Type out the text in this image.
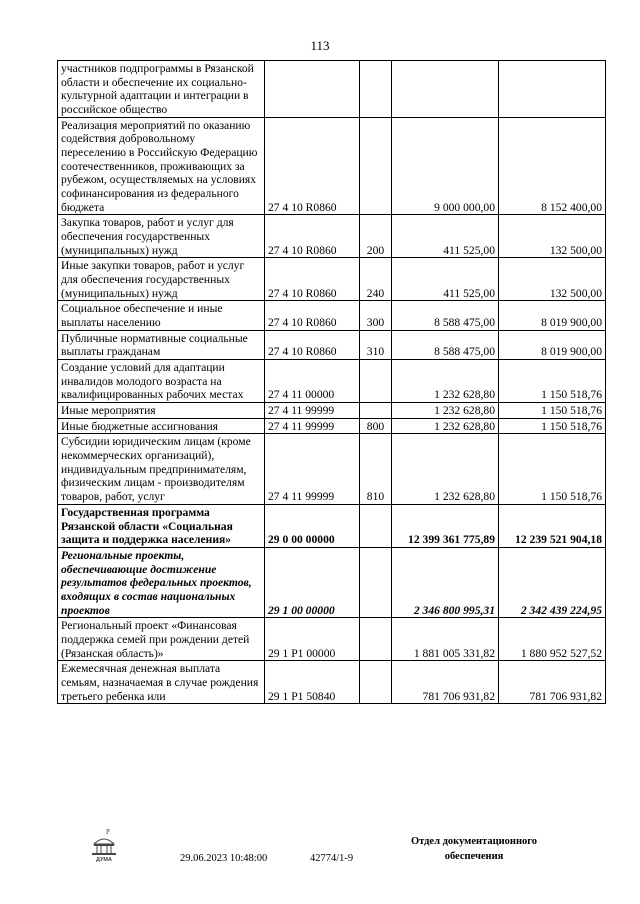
113
участников подпрограммы в Рязанской области и обеспечение их социально-культурной адаптации и интеграции в российское общество				
Реализация мероприятий по оказанию содействия добровольному переселению в Российскую Федерацию соотечественников, проживающих за рубежом, осуществляемых на условиях софинансирования из федерального бюджета	27 4 10 R0860		9 000 000,00	8 152 400,00
Закупка товаров, работ и услуг для обеспечения государственных (муниципальных) нужд	27 4 10 R0860	200	411 525,00	132 500,00
Иные закупки товаров, работ и услуг для обеспечения государственных (муниципальных) нужд	27 4 10 R0860	240	411 525,00	132 500,00
Социальное обеспечение и иные выплаты населению	27 4 10 R0860	300	8 588 475,00	8 019 900,00
Публичные нормативные социальные выплаты гражданам	27 4 10 R0860	310	8 588 475,00	8 019 900,00
Создание условий для адаптации инвалидов молодого возраста на квалифицированных рабочих местах	27 4 11 00000		1 232 628,80	1 150 518,76
Иные мероприятия	27 4 11 99999		1 232 628,80	1 150 518,76
Иные бюджетные ассигнования	27 4 11 99999	800	1 232 628,80	1 150 518,76
Субсидии юридическим лицам (кроме некоммерческих организаций), индивидуальным предпринимателям, физическим лицам - производителям товаров, работ, услуг	27 4 11 99999	810	1 232 628,80	1 150 518,76
Государственная программа Рязанской области «Социальная защита и поддержка населения»	29 0 00 00000		12 399 361 775,89	12 239 521 904,18
Региональные проекты, обеспечивающие достижение результатов федеральных проектов, входящих в состав национальных проектов	29 1 00 00000		2 346 800 995,31	2 342 439 224,95
Региональный проект «Финансовая поддержка семей при рождении детей (Рязанская область)»	29 1 P1 00000		1 881 005 331,82	1 880 952 527,52
Ежемесячная денежная выплата семьям, назначаемая в случае рождения третьего ребенка или	29 1 P1 50840		781 706 931,82	781 706 931,82
P
ДУМА
Отдел документационного обеспечения
29.06.2023 10:48:00	42774/1-9
